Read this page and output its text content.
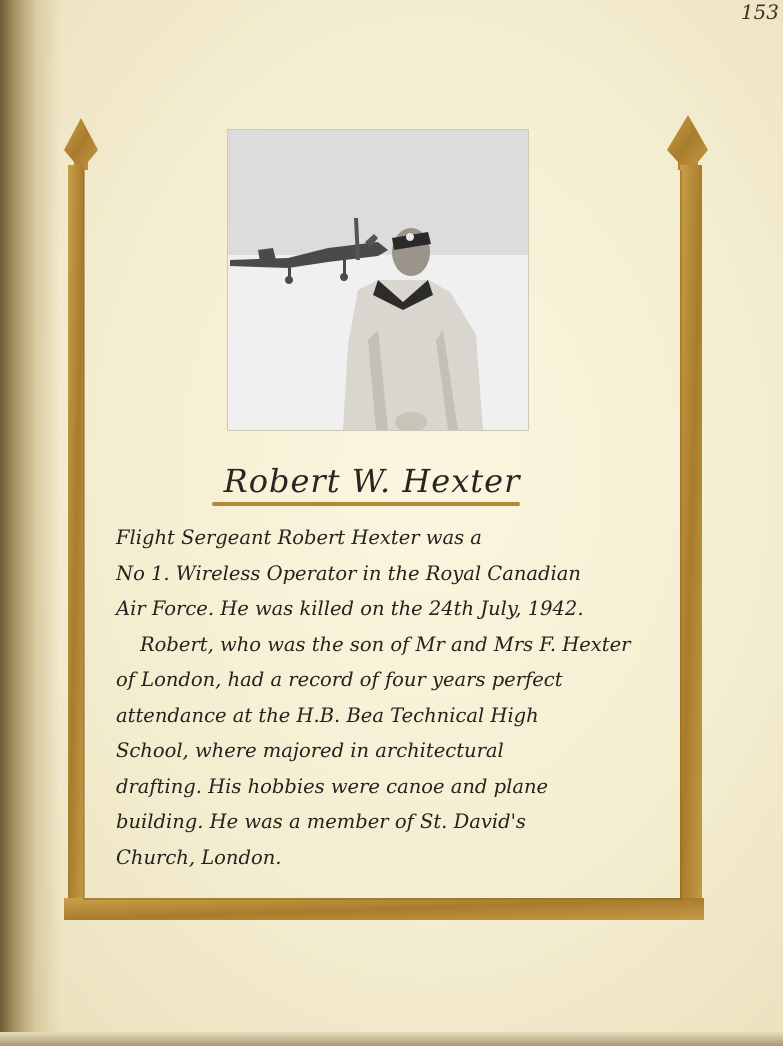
153
Robert W. Hexter
Flight Sergeant Robert Hexter was a
No 1. Wireless Operator in the Royal Canadian
Air Force. He was killed on the 24th July, 1942.
Robert, who was the son of Mr and Mrs F. Hexter
of London, had a record of four years perfect
attendance at the H.B. Bea Technical High
School, where majored in architectural
drafting. His hobbies were canoe and plane
building. He was a member of St. David's
Church, London.
